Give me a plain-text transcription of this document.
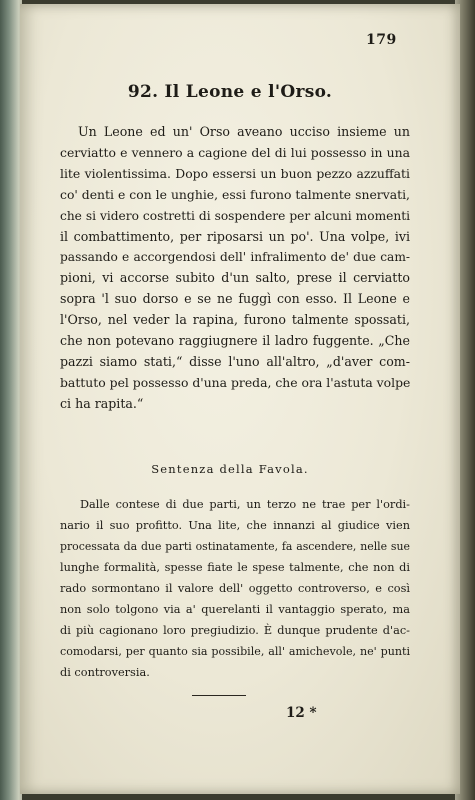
179
92. Il Leone e l'Orso.
Un Leone ed un' Orso aveano ucciso insieme un
cerviatto e vennero a cagione del di lui possesso in una
lite violentissima. Dopo essersi un buon pezzo azzuffati
co' denti e con le unghie, essi furono talmente snervati,
che si videro costretti di sospendere per alcuni momenti
il combattimento, per riposarsi un po'. Una volpe, ivi
passando e accorgendosi dell' infralimento de' due cam-
pioni, vi accorse subito d'un salto, prese il cerviatto
sopra 'l suo dorso e se ne fuggì con esso. Il Leone e
l'Orso, nel veder la rapina, furono talmente spossati,
che non potevano raggiugnere il ladro fuggente. „Che
pazzi siamo stati,“ disse l'uno all'altro, „d'aver com-
battuto pel possesso d'una preda, che ora l'astuta volpe
ci ha rapita.“
Sentenza della Favola.
Dalle contese di due parti, un terzo ne trae per l'ordi-
nario il suo profitto. Una lite, che innanzi al giudice vien
processata da due parti ostinatamente, fa ascendere, nelle sue
lunghe formalità, spesse fiate le spese talmente, che non di
rado sormontano il valore dell' oggetto controverso, e così
non solo tolgono via a' querelanti il vantaggio sperato, ma
di più cagionano loro pregiudizio. È dunque prudente d'ac-
comodarsi, per quanto sia possibile, all' amichevole, ne' punti
di controversia.
12 *
